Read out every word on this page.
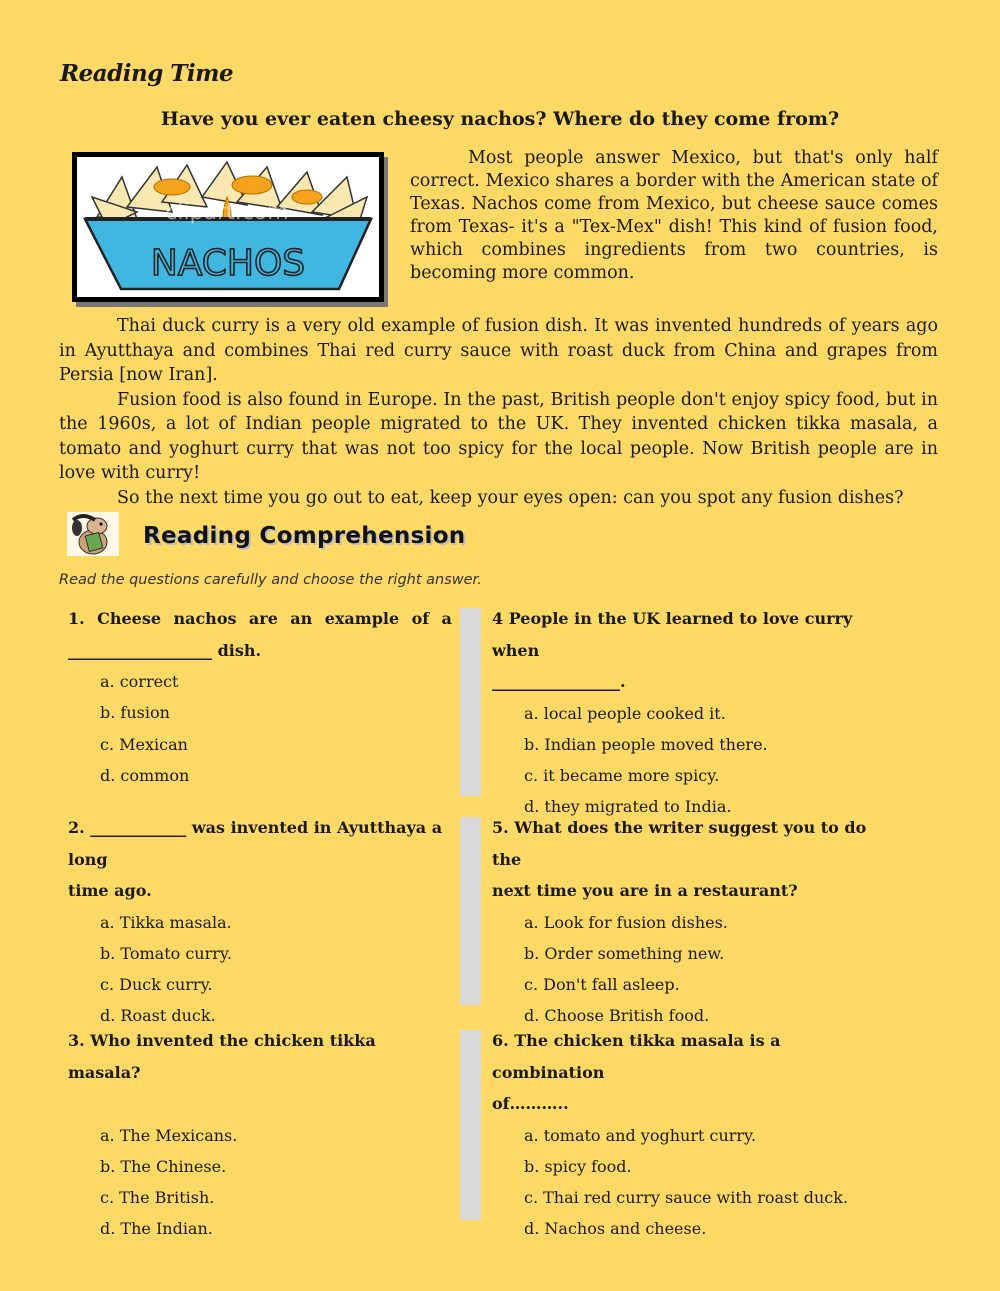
Reading Time
Have you ever eaten cheesy nachos? Where do they come from?
NACHOS
clipart.com
Most people answer Mexico, but that's only half correct. Mexico shares a border with the American state of Texas. Nachos come from Mexico, but cheese sauce comes from Texas- it's a "Tex-Mex" dish! This kind of fusion food, which combines ingredients from two countries, is becoming more common.

Thai duck curry is a very old example of fusion dish. It was invented hundreds of years ago in Ayutthaya and combines Thai red curry sauce with roast duck from China and grapes from Persia [now Iran].

Fusion food is also found in Europe. In the past, British people don't enjoy spicy food, but in the 1960s, a lot of Indian people migrated to the UK. They invented chicken tikka masala, a tomato and yoghurt curry that was not too spicy for the local people. Now British people are in love with curry!

So the next time you go out to eat, keep your eyes open: can you spot any fusion dishes?

Reading Comprehension
Read the questions carefully and choose the right answer.
1. Cheese nachos are an example of a
__________________ dish.
a. correct
b. fusion
c. Mexican
d. common
2. ____________ was invented in Ayutthaya a long
time ago.
a. Tikka masala.
b. Tomato curry.
c. Duck curry.
d. Roast duck.
3. Who invented the chicken tikka masala?

a. The Mexicans.
b. The Chinese.
c. The British.
d. The Indian.
4 People in the UK learned to love curry when
________________.
a. local people cooked it.
b. Indian people moved there.
c. it became more spicy.
d. they migrated to India.
5. What does the writer suggest you to do the
next time you are in a restaurant?
a. Look for fusion dishes.
b. Order something new.
c. Don't fall asleep.
d. Choose British food.
6. The chicken tikka masala is a combination
of………..
a. tomato and yoghurt curry.
b. spicy food.
c. Thai red curry sauce with roast duck.
d. Nachos and cheese.
